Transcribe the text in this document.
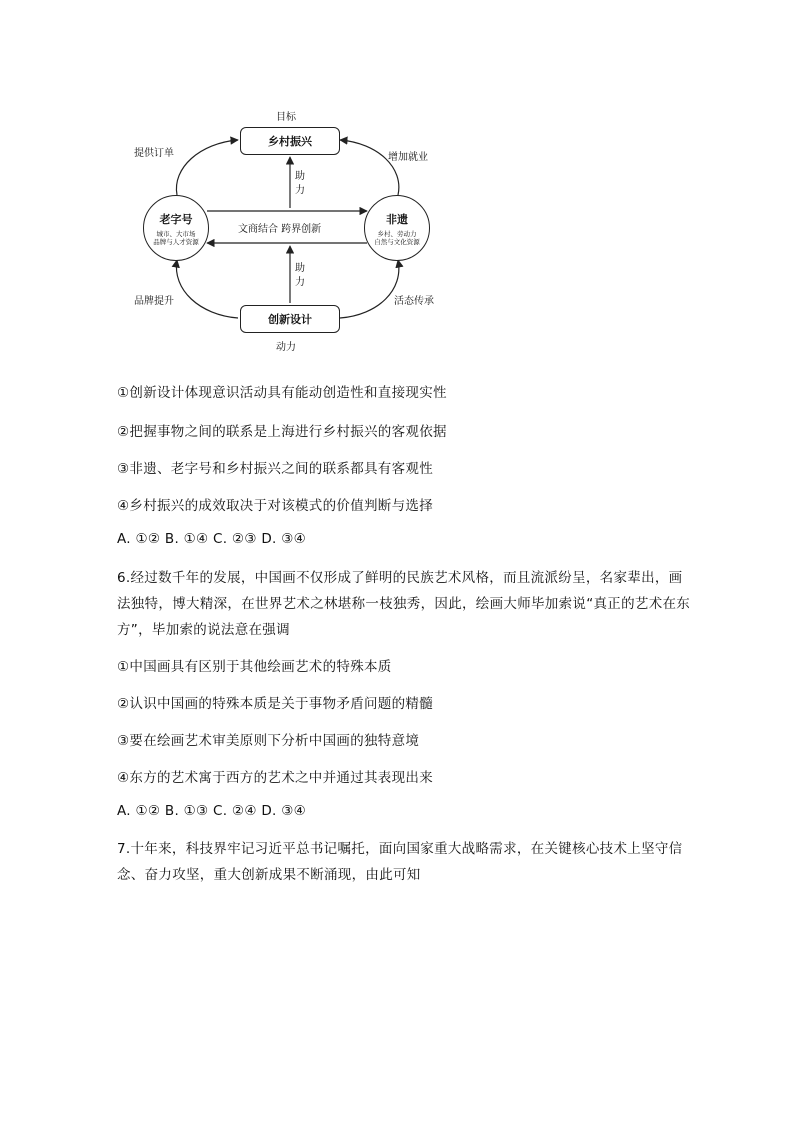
目标
乡村振兴
提供订单	增加就业
助力
文商结合 跨界创新
助力
老字号
城市、大市场
品牌与人才资源
非遗
乡村、劳动力
自然与文化资源
品牌提升	活态传承
创新设计
动力
①创新设计体现意识活动具有能动创造性和直接现实性
②把握事物之间的联系是上海进行乡村振兴的客观依据
③非遗、老字号和乡村振兴之间的联系都具有客观性
④乡村振兴的成效取决于对该模式的价值判断与选择
A. ①② B. ①④ C. ②③ D. ③④
6.经过数千年的发展，中国画不仅形成了鲜明的民族艺术风格，而且流派纷呈，名家辈出，画法独特，博大精深，在世界艺术之林堪称一枝独秀，因此，绘画大师毕加索说“真正的艺术在东方”，毕加索的说法意在强调
①中国画具有区别于其他绘画艺术的特殊本质
②认识中国画的特殊本质是关于事物矛盾问题的精髓
③要在绘画艺术审美原则下分析中国画的独特意境
④东方的艺术寓于西方的艺术之中并通过其表现出来
A. ①② B. ①③ C. ②④ D. ③④
7.十年来，科技界牢记习近平总书记嘱托，面向国家重大战略需求，在关键核心技术上坚守信念、奋力攻坚，重大创新成果不断涌现，由此可知
